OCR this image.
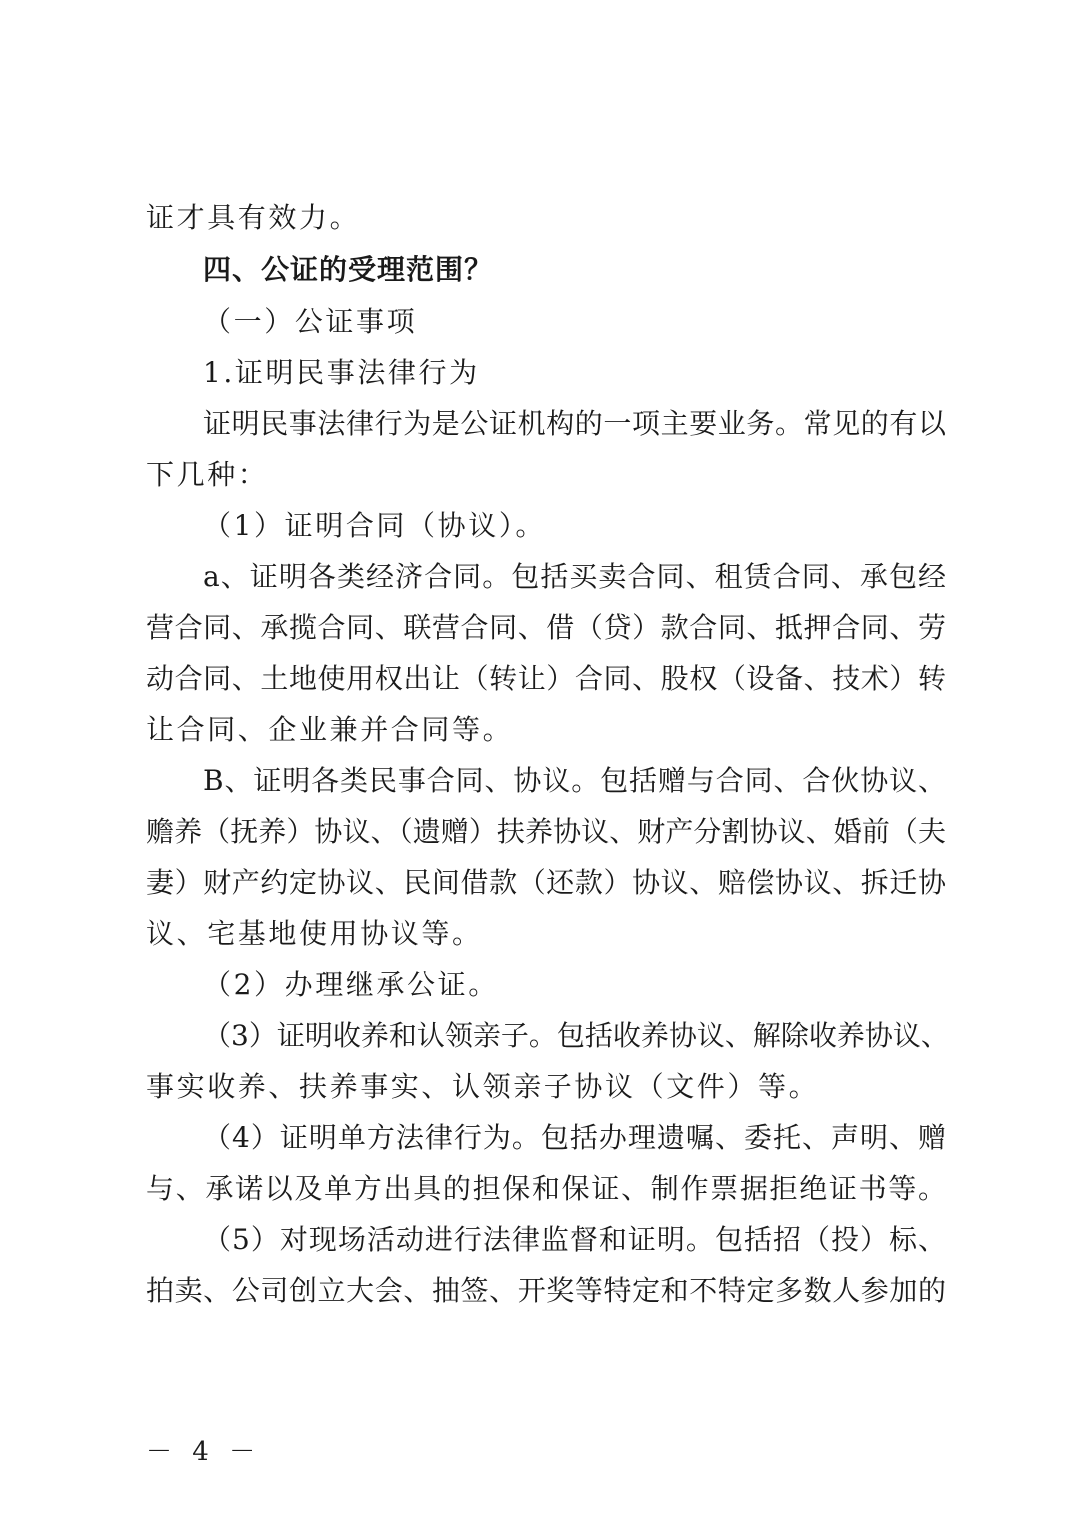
证才具有效力。
四、公证的受理范围？
（一）公证事项
1.证明民事法律行为
证明民事法律行为是公证机构的一项主要业务。常见的有以
下几种：
（1）证明合同（协议）。
a、证明各类经济合同。包括买卖合同、租赁合同、承包经
营合同、承揽合同、联营合同、借（贷）款合同、抵押合同、劳
动合同、土地使用权出让（转让）合同、股权（设备、技术）转
让合同、企业兼并合同等。
B、证明各类民事合同、协议。包括赠与合同、合伙协议、
赡养（抚养）协议、（遗赠）扶养协议、财产分割协议、婚前（夫
妻）财产约定协议、民间借款（还款）协议、赔偿协议、拆迁协
议、宅基地使用协议等。
（2）办理继承公证。
（3）证明收养和认领亲子。包括收养协议、解除收养协议、
事实收养、扶养事实、认领亲子协议（文件）等。
（4）证明单方法律行为。包括办理遗嘱、委托、声明、赠
与、承诺以及单方出具的担保和保证、制作票据拒绝证书等。
（5）对现场活动进行法律监督和证明。包括招（投）标、
拍卖、公司创立大会、抽签、开奖等特定和不特定多数人参加的
－ 4 －
